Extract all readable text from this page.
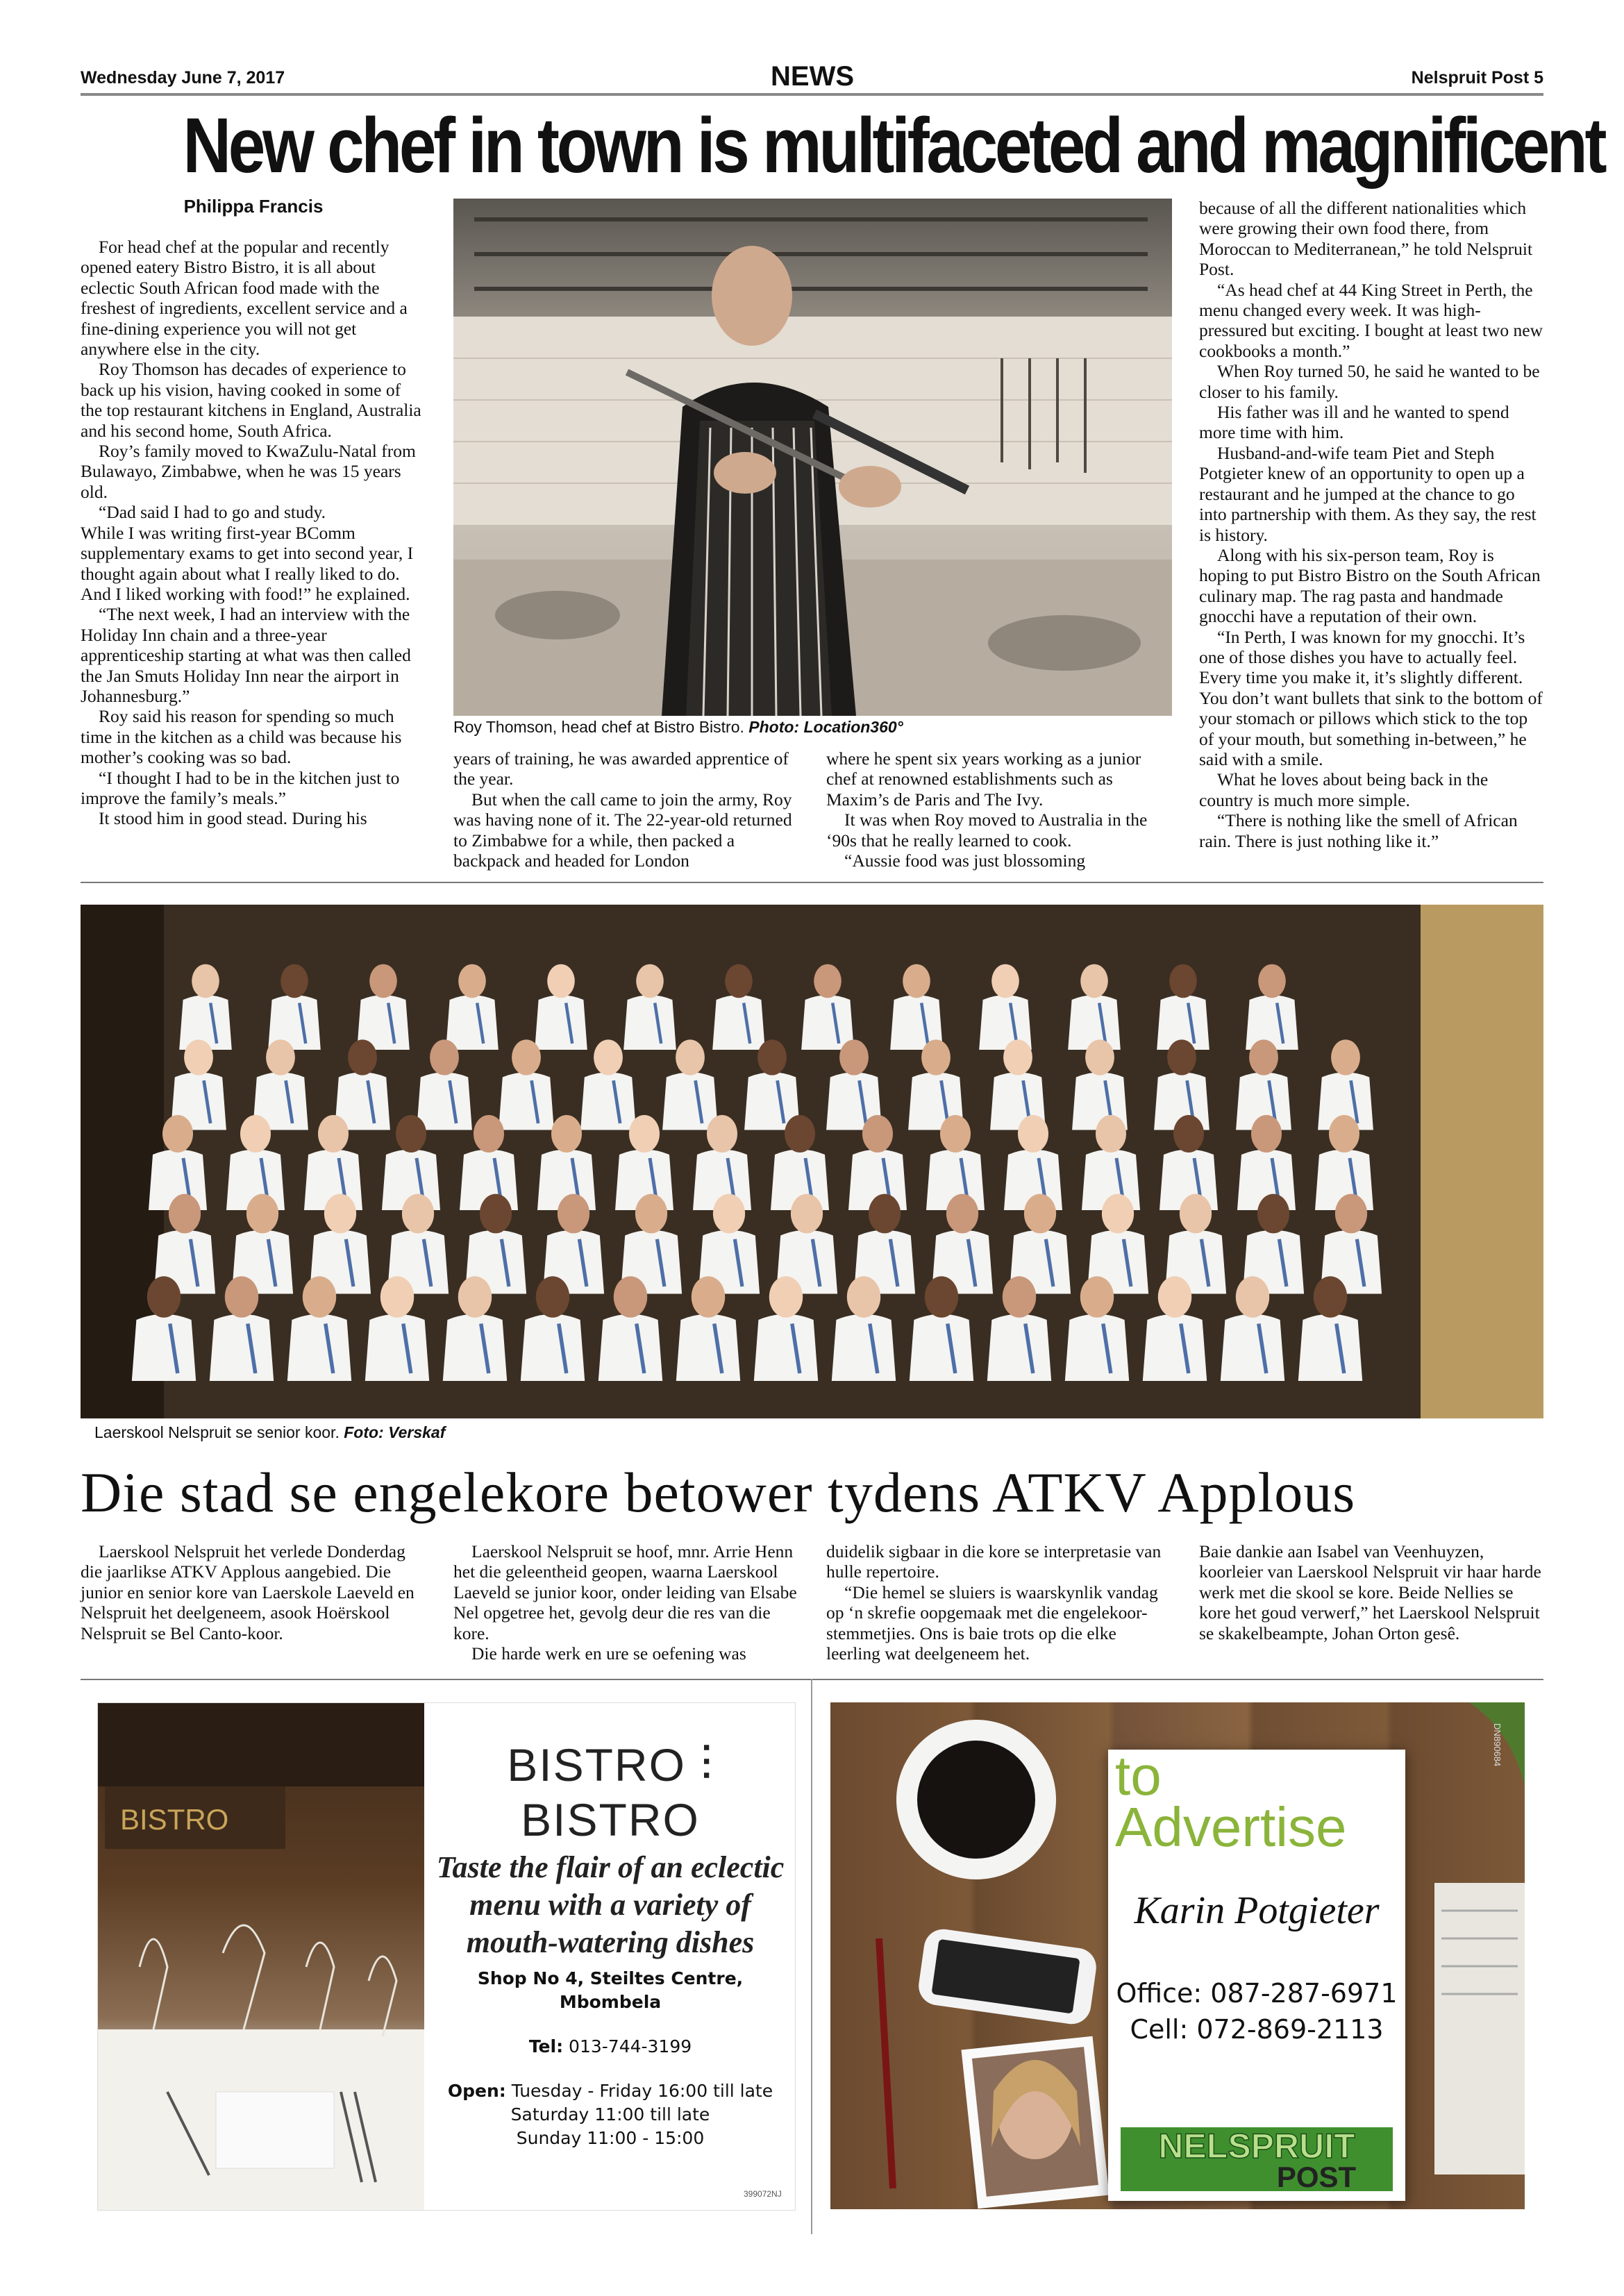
Wednesday June 7, 2017	NEWS	Nelspruit Post 5
New chef in town is multifaceted and magnificent
Philippa Francis

For head chef at the popular and recently opened eatery Bistro Bistro, it is all about eclectic South African food made with the freshest of ingredients, excellent service and a fine-dining experience you will not get anywhere else in the city.

Roy Thomson has decades of experience to back up his vision, having cooked in some of the top restaurant kitchens in England, Australia and his second home, South Africa.

Roy’s family moved to KwaZulu-Natal from Bulawayo, Zimbabwe, when he was 15 years old.

“Dad said I had to go and study.

While I was writing first-year BComm supplementary exams to get into second year, I thought again about what I really liked to do. And I liked working with food!” he explained.

“The next week, I had an interview with the Holiday Inn chain and a three-year apprenticeship starting at what was then called the Jan Smuts Holiday Inn near the airport in Johannesburg.”

Roy said his reason for spending so much time in the kitchen as a child was because his mother’s cooking was so bad.

“I thought I had to be in the kitchen just to improve the family’s meals.”

It stood him in good stead. During his

Roy Thomson, head chef at Bistro Bistro. Photo: Location360°

years of training, he was awarded apprentice of the year.

But when the call came to join the army, Roy was having none of it. The 22-year-old returned to Zimbabwe for a while, then packed a backpack and headed for London

where he spent six years working as a junior chef at renowned establishments such as Maxim’s de Paris and The Ivy.

It was when Roy moved to Australia in the ‘90s that he really learned to cook.

“Aussie food was just blossoming

because of all the different nationalities which were growing their own food there, from Moroccan to Mediterranean,” he told Nelspruit Post.

“As head chef at 44 King Street in Perth, the menu changed every week. It was high-pressured but exciting. I bought at least two new cookbooks a month.”

When Roy turned 50, he said he wanted to be closer to his family.

His father was ill and he wanted to spend more time with him.

Husband-and-wife team Piet and Steph Potgieter knew of an opportunity to open up a restaurant and he jumped at the chance to go into partnership with them. As they say, the rest is history.

Along with his six-person team, Roy is hoping to put Bistro Bistro on the South African culinary map. The rag pasta and handmade gnocchi have a reputation of their own.

“In Perth, I was known for my gnocchi. It’s one of those dishes you have to actually feel. Every time you make it, it’s slightly different. You don’t want bullets that sink to the bottom of your stomach or pillows which stick to the top of your mouth, but something in-between,” he said with a smile.

What he loves about being back in the country is much more simple.

“There is nothing like the smell of African rain. There is just nothing like it.”

Laerskool Nelspruit se senior koor. Foto: Verskaf
Die stad se engelekore betower tydens ATKV Applous

Laerskool Nelspruit het verlede Donderdag die jaarlikse ATKV Applous aangebied. Die junior en senior kore van Laerskole Laeveld en Nelspruit het deelgeneem, asook Hoërskool Nelspruit se Bel Canto-koor.

Laerskool Nelspruit se hoof, mnr. Arrie Henn het die geleentheid geopen, waarna Laerskool Laeveld se junior koor, onder leiding van Elsabe Nel opgetree het, gevolg deur die res van die kore.

Die harde werk en ure se oefening was

duidelik sigbaar in die kore se interpretasie van hulle repertoire.

“Die hemel se sluiers is waarskynlik vandag op ‘n skrefie oopgemaak met die engelekoor-stemmetjies. Ons is baie trots op die elke leerling wat deelgeneem het.

Baie dankie aan Isabel van Veenhuyzen, koorleier van Laerskool Nelspruit vir haar harde werk met die skool se kore. Beide Nellies se kore het goud verwerf,” het Laerskool Nelspruit se skakelbeampte, Johan Orton gesê.

BISTRO
BISTRO ⫶ BISTRO
Taste the flair of an eclectic menu with a variety of mouth-watering dishes
Shop No 4, Steiltes Centre,
Mbombela
Tel: 013-744-3199
Open: Tuesday - Friday 16:00 till late
Saturday 11:00 till late
Sunday 11:00 - 15:00
399072NJ
to
Advertise
Karin Potgieter
Office: 087-287-6971
Cell: 072-869-2113
NELSPRUIT
POST
DN890684
